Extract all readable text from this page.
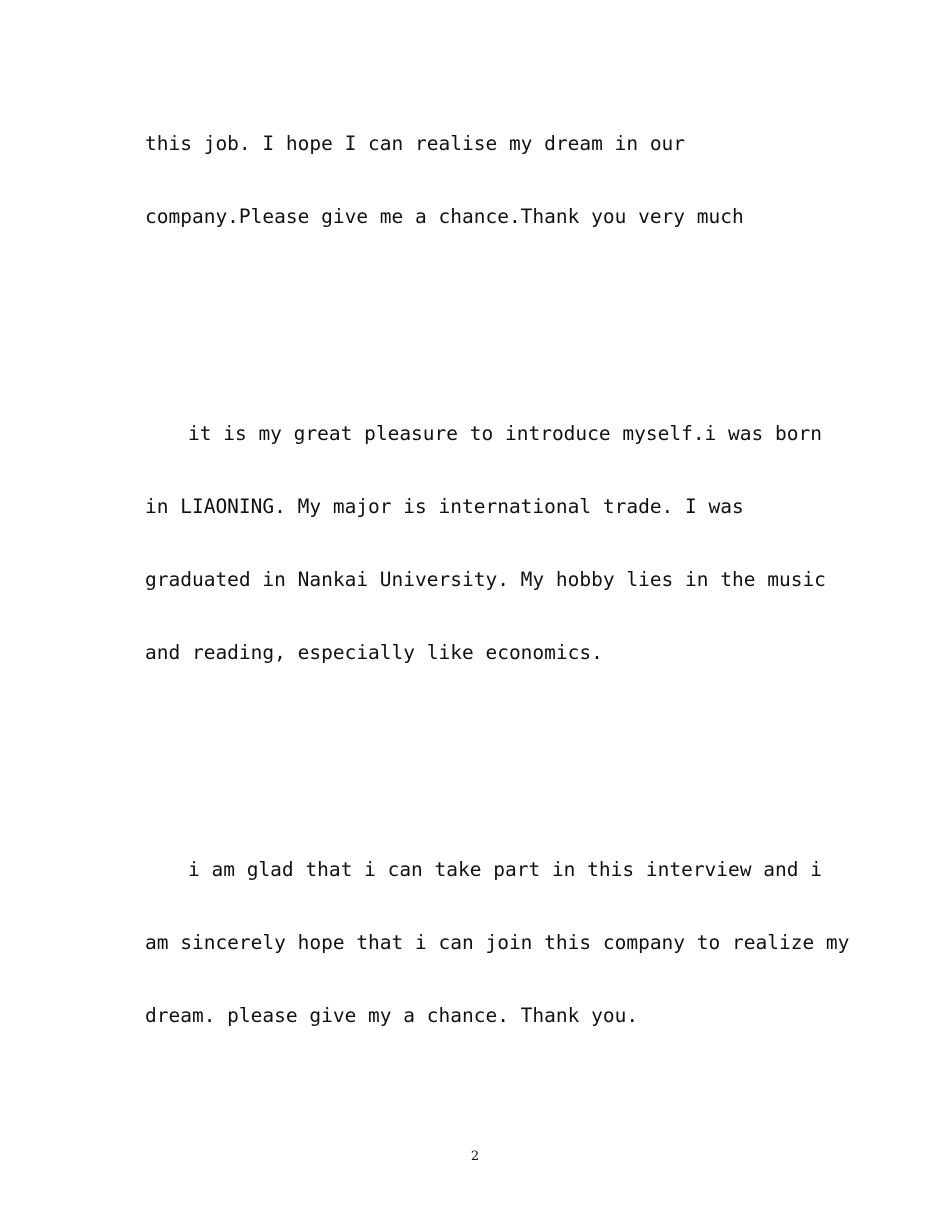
this job. I hope I can realise my dream in our
company.Please give me a chance.Thank you very much
it is my great pleasure to introduce myself.i was born
in LIAONING. My major is international trade. I was
graduated in Nankai University. My hobby lies in the music
and reading, especially like economics.
i am glad that i can take part in this interview and i
am sincerely hope that i can join this company to realize my
dream. please give my a chance. Thank you.
2
